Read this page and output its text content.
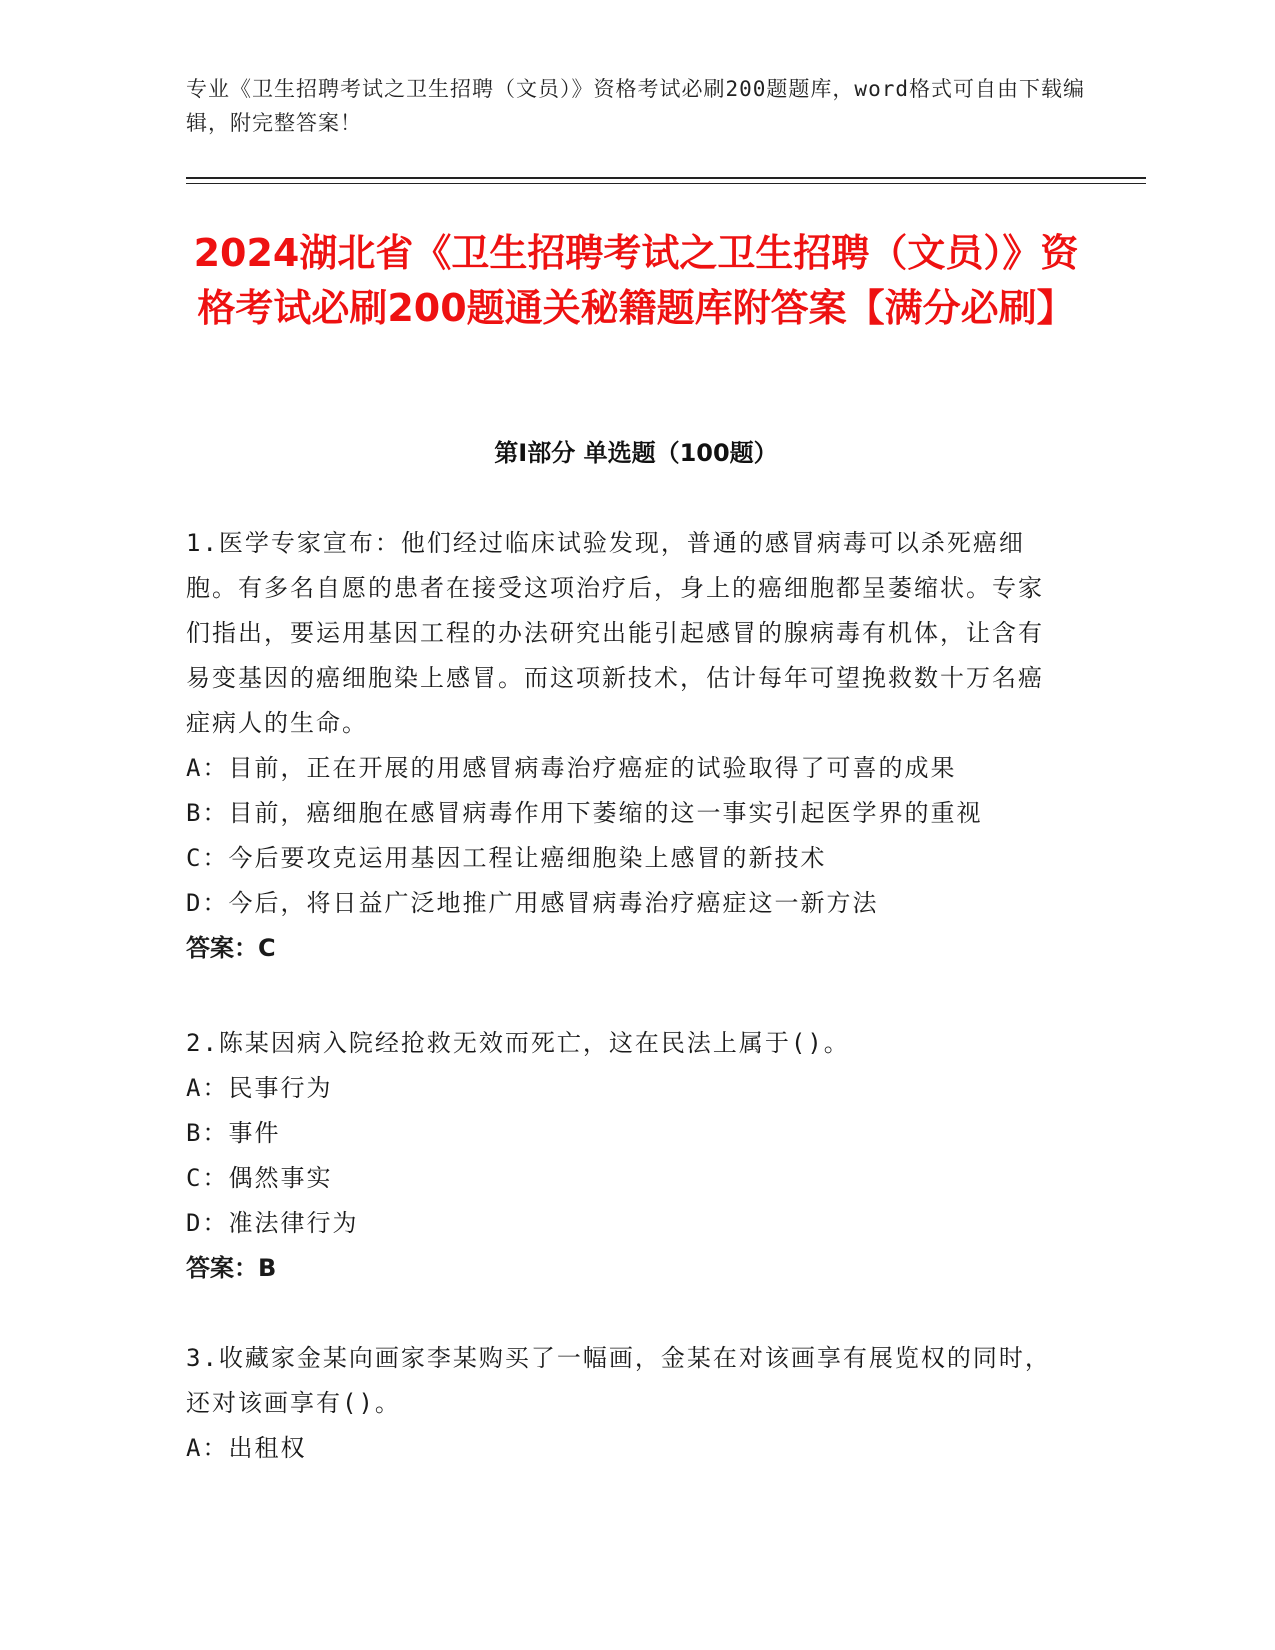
专业《卫生招聘考试之卫生招聘（文员）》资格考试必刷200题题库，word格式可自由下载编辑，附完整答案！
2024湖北省《卫生招聘考试之卫生招聘（文员）》资格考试必刷200题通关秘籍题库附答案【满分必刷】
第Ⅰ部分 单选题（100题）

1.医学专家宣布：他们经过临床试验发现，普通的感冒病毒可以杀死癌细胞。有多名自愿的患者在接受这项治疗后，身上的癌细胞都呈萎缩状。专家们指出，要运用基因工程的办法研究出能引起感冒的腺病毒有机体，让含有易变基因的癌细胞染上感冒。而这项新技术，估计每年可望挽救数十万名癌症病人的生命。

A：目前，正在开展的用感冒病毒治疗癌症的试验取得了可喜的成果

B：目前，癌细胞在感冒病毒作用下萎缩的这一事实引起医学界的重视

C：今后要攻克运用基因工程让癌细胞染上感冒的新技术

D：今后，将日益广泛地推广用感冒病毒治疗癌症这一新方法

答案：C

2.陈某因病入院经抢救无效而死亡，这在民法上属于()。

A：民事行为

B：事件

C：偶然事实

D：准法律行为

答案：B

3.收藏家金某向画家李某购买了一幅画，金某在对该画享有展览权的同时，还对该画享有()。

A：出租权
